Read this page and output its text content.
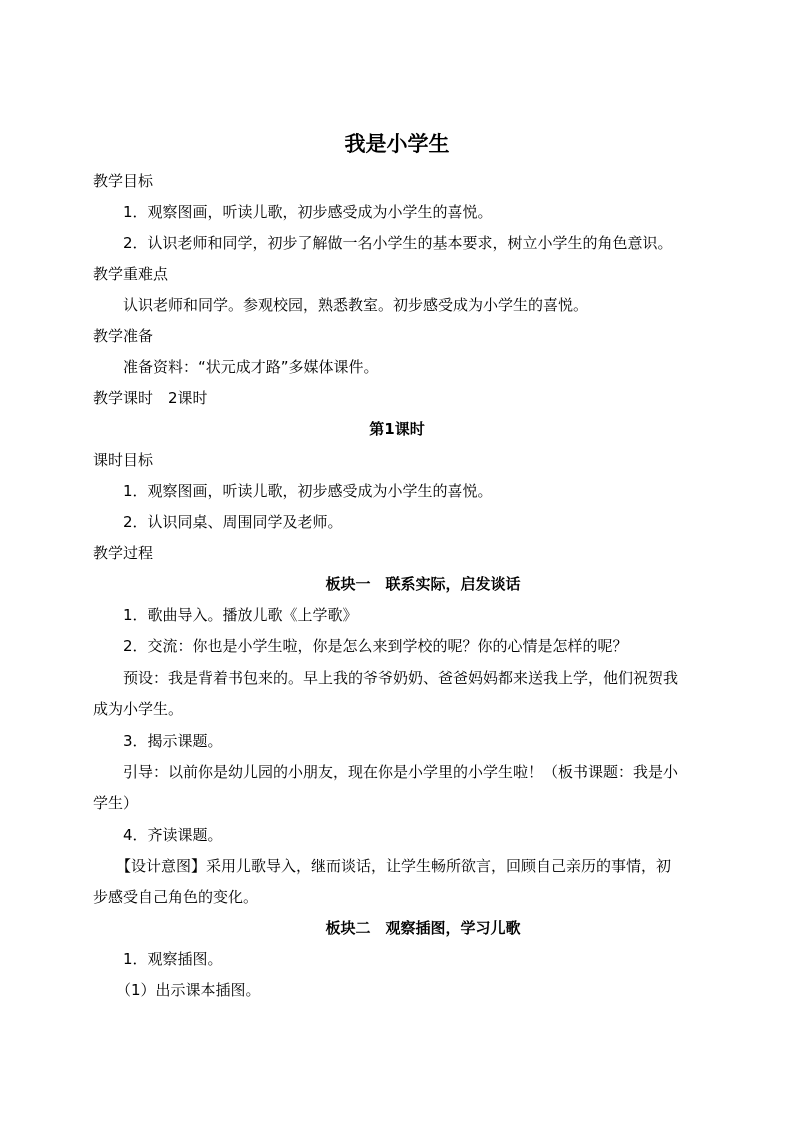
我是小学生
教学目标
1．观察图画，听读儿歌，初步感受成为小学生的喜悦。
2．认识老师和同学，初步了解做一名小学生的基本要求，树立小学生的角色意识。
教学重难点
认识老师和同学。参观校园，熟悉教室。初步感受成为小学生的喜悦。
教学准备
准备资料：“状元成才路”多媒体课件。
教学课时　2课时
第1课时
课时目标
1．观察图画，听读儿歌，初步感受成为小学生的喜悦。
2．认识同桌、周围同学及老师。
教学过程
板块一　联系实际，启发谈话
1．歌曲导入。播放儿歌《上学歌》
2．交流：你也是小学生啦，你是怎么来到学校的呢？你的心情是怎样的呢？
预设：我是背着书包来的。早上我的爷爷奶奶、爸爸妈妈都来送我上学，他们祝贺我
成为小学生。
3．揭示课题。
引导：以前你是幼儿园的小朋友，现在你是小学里的小学生啦！（板书课题：我是小
学生）
4．齐读课题。
【设计意图】采用儿歌导入，继而谈话，让学生畅所欲言，回顾自己亲历的事情，初
步感受自己角色的变化。
板块二　观察插图，学习儿歌
1．观察插图。
（1）出示课本插图。
